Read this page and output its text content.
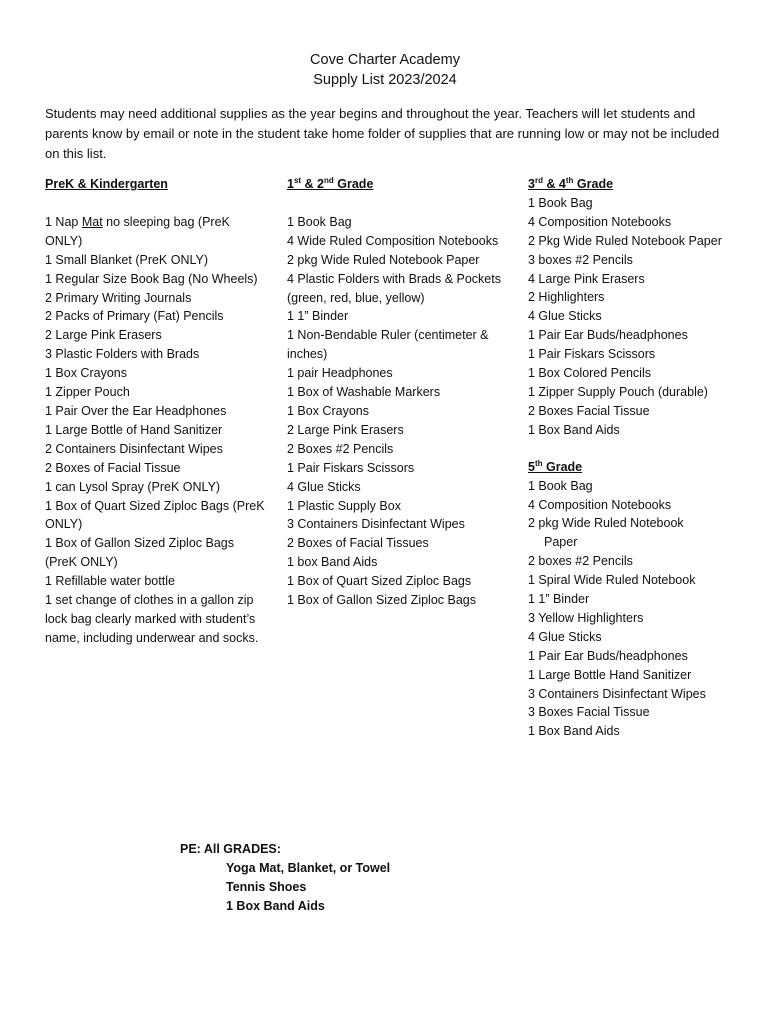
Cove Charter Academy
Supply List 2023/2024
Students may need additional supplies as the year begins and throughout the year. Teachers will let students and parents know by email or note in the student take home folder of supplies that are running low or may not be included on this list.
PreK & Kindergarten
1 Nap Mat no sleeping bag (PreK ONLY)
1 Small Blanket (PreK ONLY)
1 Regular Size Book Bag (No Wheels)
2 Primary Writing Journals
2 Packs of Primary (Fat) Pencils
2 Large Pink Erasers
3 Plastic Folders with Brads
1 Box Crayons
1 Zipper Pouch
1 Pair Over the Ear Headphones
1 Large Bottle of Hand Sanitizer
2 Containers Disinfectant Wipes
2 Boxes of Facial Tissue
1 can Lysol Spray (PreK ONLY)
1 Box of Quart Sized Ziploc Bags (PreK ONLY)
1 Box of Gallon Sized Ziploc Bags (PreK ONLY)
1 Refillable water bottle
1 set change of clothes in a gallon zip lock bag clearly marked with student’s name, including underwear and socks.
1st & 2nd Grade
1 Book Bag
4 Wide Ruled Composition Notebooks
2 pkg Wide Ruled Notebook Paper
4 Plastic Folders with Brads & Pockets (green, red, blue, yellow)
1 1” Binder
1 Non-Bendable Ruler (centimeter & inches)
1 pair Headphones
1 Box of Washable Markers
1 Box Crayons
2 Large Pink Erasers
2 Boxes #2 Pencils
1 Pair Fiskars Scissors
4 Glue Sticks
1 Plastic Supply Box
3 Containers Disinfectant Wipes
2 Boxes of Facial Tissues
1 box Band Aids
1 Box of Quart Sized Ziploc Bags
1 Box of Gallon Sized Ziploc Bags
3rd & 4th Grade
1 Book Bag
4 Composition Notebooks
2 Pkg Wide Ruled Notebook Paper
3 boxes #2 Pencils
4 Large Pink Erasers
2 Highlighters
4 Glue Sticks
1 Pair Ear Buds/headphones
1 Pair Fiskars Scissors
1 Box Colored Pencils
1 Zipper Supply Pouch (durable)
2 Boxes Facial Tissue
1 Box Band Aids
5th Grade
1 Book Bag
4 Composition Notebooks
2 pkg Wide Ruled Notebook
Paper
2 boxes #2 Pencils
1 Spiral Wide Ruled Notebook
1 1” Binder
3 Yellow Highlighters
4 Glue Sticks
1 Pair Ear Buds/headphones
1 Large Bottle Hand Sanitizer
3 Containers Disinfectant Wipes
3 Boxes Facial Tissue
1 Box Band Aids
PE: All GRADES:
Yoga Mat, Blanket, or Towel
Tennis Shoes
1 Box Band Aids
